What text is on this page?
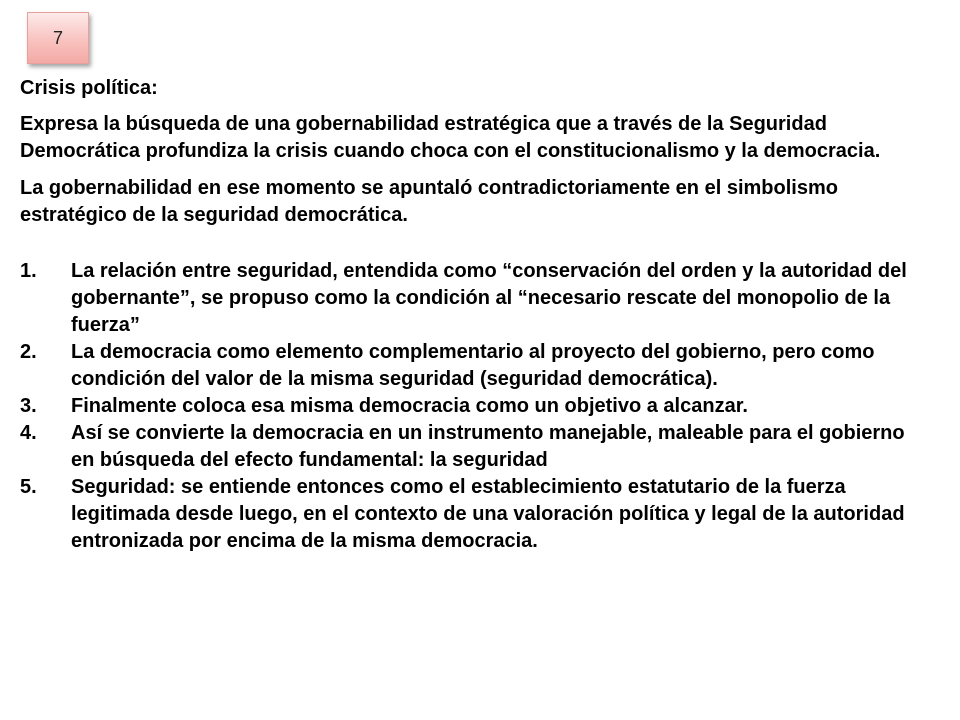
7

Crisis política:

Expresa la búsqueda de una gobernabilidad estratégica que a través de la Seguridad Democrática profundiza la crisis cuando choca con el constitucionalismo y la democracia.

La gobernabilidad en ese momento se apuntaló contradictoriamente en el simbolismo estratégico de la seguridad democrática.

1. La relación entre seguridad, entendida como “conservación del orden y la autoridad del gobernante”, se propuso como la condición al “necesario rescate del monopolio de la fuerza”
2. La democracia como elemento complementario al proyecto del gobierno, pero como condición del valor de la misma seguridad (seguridad democrática).
3. Finalmente coloca esa misma democracia como un objetivo a alcanzar.
4. Así se convierte la democracia en un instrumento manejable, maleable para el gobierno en búsqueda del efecto fundamental: la seguridad
5. Seguridad: se entiende entonces como el establecimiento estatutario de la fuerza legitimada desde luego, en el contexto de una valoración política y legal de la autoridad entronizada por encima de la misma democracia.
